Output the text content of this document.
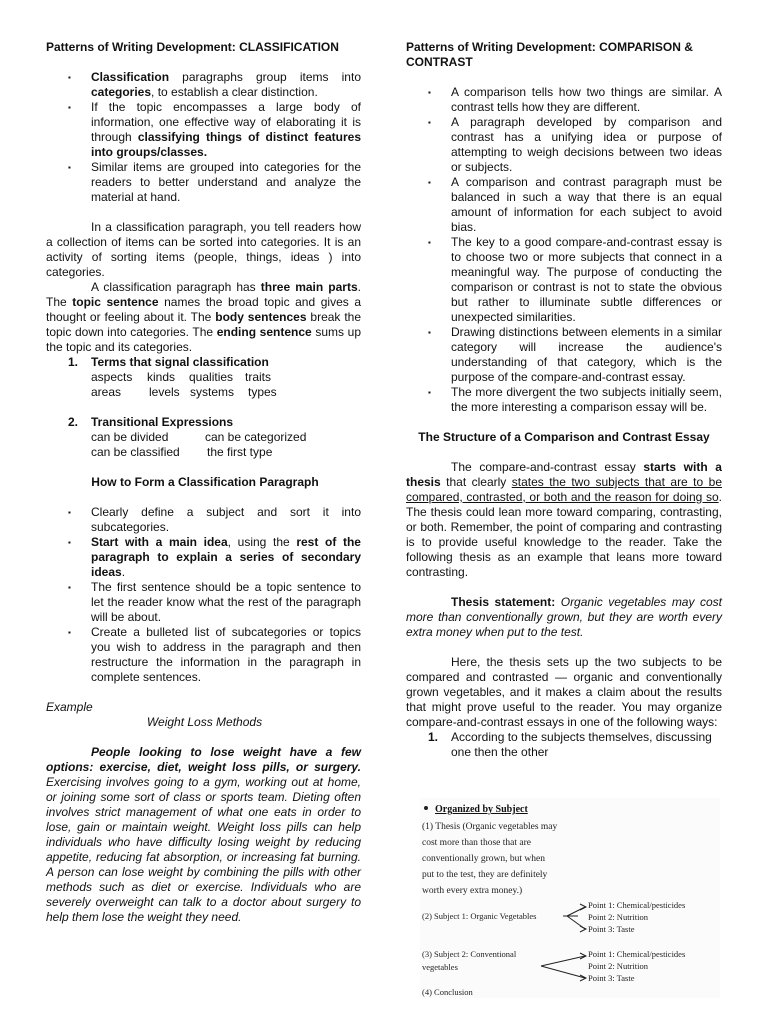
Patterns of Writing Development: CLASSIFICATION

▪ Classification paragraphs group items into categories, to establish a clear distinction.
▪ If the topic encompasses a large body of information, one effective way of elaborating it is through classifying things of distinct features into groups/classes.
▪ Similar items are grouped into categories for the readers to better understand and analyze the material at hand.

In a classification paragraph, you tell readers how a collection of items can be sorted into categories. It is an activity of sorting items (people, things, ideas ) into categories.

A classification paragraph has three main parts. The topic sentence names the broad topic and gives a thought or feeling about it. The body sentences break the topic down into categories. The ending sentence sums up the topic and its categories.

1. Terms that signal classification
aspects kinds qualities traits
areas levels systems types
2. Transitional Expressions
can be divided	can be categorized
can be classified the first type

How to Form a Classification Paragraph

▪ Clearly define a subject and sort it into subcategories.
▪ Start with a main idea, using the rest of the paragraph to explain a series of secondary ideas.
▪ The first sentence should be a topic sentence to let the reader know what the rest of the paragraph will be about.
▪ Create a bulleted list of subcategories or topics you wish to address in the paragraph and then restructure the information in the paragraph in complete sentences.

Example

Weight Loss Methods

People looking to lose weight have a few options: exercise, diet, weight loss pills, or surgery. Exercising involves going to a gym, working out at home, or joining some sort of class or sports team. Dieting often involves strict management of what one eats in order to lose, gain or maintain weight. Weight loss pills can help individuals who have difficulty losing weight by reducing appetite, reducing fat absorption, or increasing fat burning. A person can lose weight by combining the pills with other methods such as diet or exercise. Individuals who are severely overweight can talk to a doctor about surgery to help them lose the weight they need.

Patterns of Writing Development: COMPARISON & CONTRAST

▪ A comparison tells how two things are similar. A contrast tells how they are different.
▪ A paragraph developed by comparison and contrast has a unifying idea or purpose of attempting to weigh decisions between two ideas or subjects.
▪ A comparison and contrast paragraph must be balanced in such a way that there is an equal amount of information for each subject to avoid bias.
▪ The key to a good compare-and-contrast essay is to choose two or more subjects that connect in a meaningful way. The purpose of conducting the comparison or contrast is not to state the obvious but rather to illuminate subtle differences or unexpected similarities.
▪ Drawing distinctions between elements in a similar category will increase the audience's understanding of that category, which is the purpose of the compare-and-contrast essay.
▪ The more divergent the two subjects initially seem, the more interesting a comparison essay will be.

The Structure of a Comparison and Contrast Essay

The compare-and-contrast essay starts with a thesis that clearly states the two subjects that are to be compared, contrasted, or both and the reason for doing so. The thesis could lean more toward comparing, contrasting, or both. Remember, the point of comparing and contrasting is to provide useful knowledge to the reader. Take the following thesis as an example that leans more toward contrasting.

Thesis statement: Organic vegetables may cost more than conventionally grown, but they are worth every extra money when put to the test.

Here, the thesis sets up the two subjects to be compared and contrasted — organic and conventionally grown vegetables, and it makes a claim about the results that might prove useful to the reader. You may organize compare-and-contrast essays in one of the following ways:

1. According to the subjects themselves, discussing one then the other
Organized by Subject
(1) Thesis (Organic vegetables may
cost more than those that are
conventionally grown, but when
put to the test, they are definitely
worth every extra money.)
(2) Subject 1: Organic Vegetables
Point 1: Chemical/pesticides
Point 2: Nutrition
Point 3: Taste
(3) Subject 2: Conventional
vegetables
Point 1: Chemical/pesticides
Point 2: Nutrition
Point 3: Taste
(4) Conclusion
